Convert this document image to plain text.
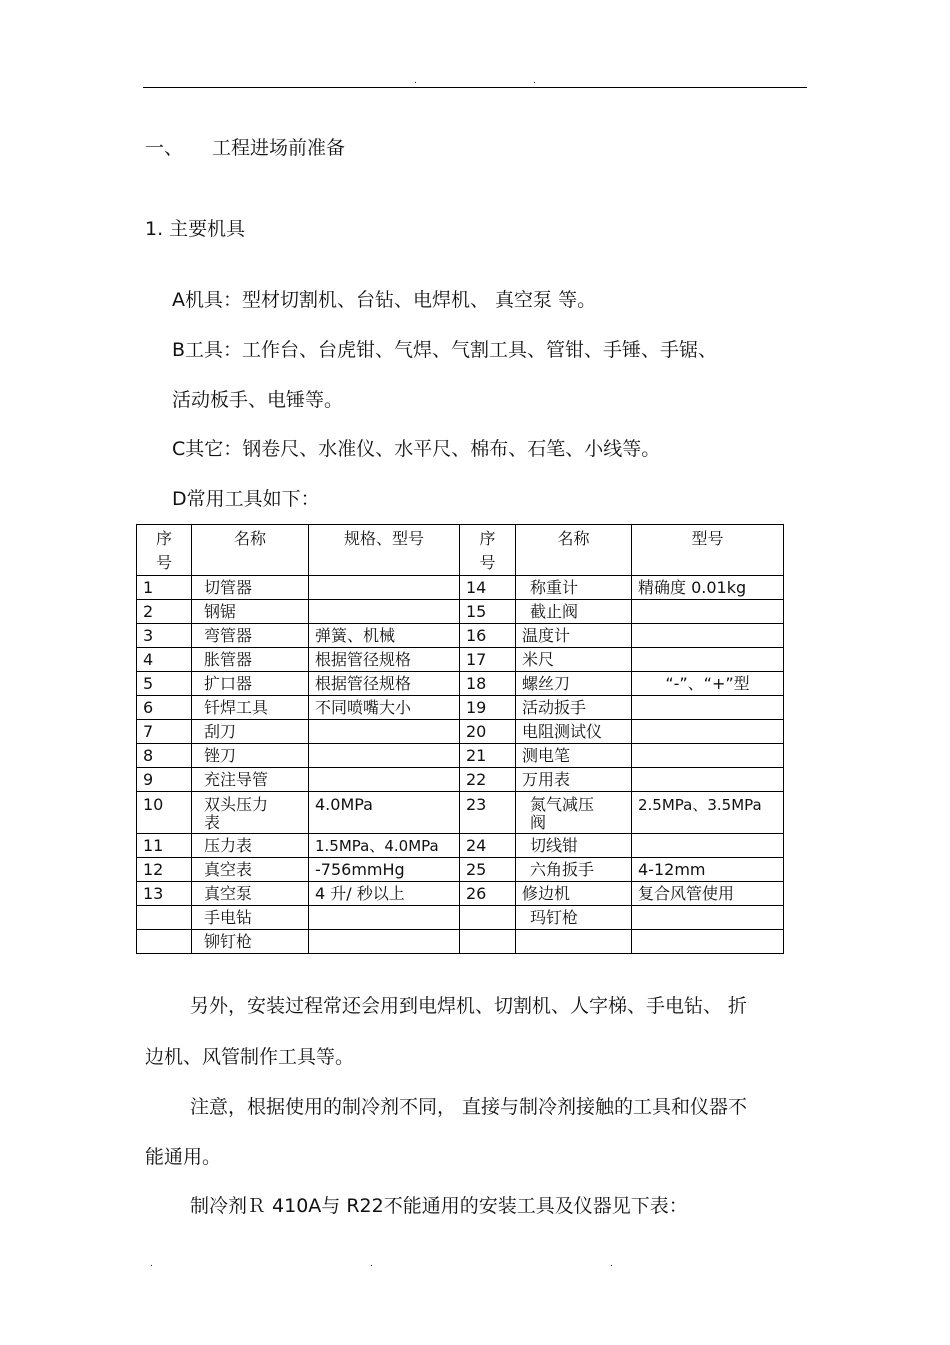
.	.
一、 工程进场前准备
1. 主要机具
A机具：型材切割机、台钻、电焊机、 真空泵 等。
B工具：工作台、台虎钳、气焊、气割工具、管钳、手锤、手锯、
活动板手、电锤等。
C其它：钢卷尺、水准仪、水平尺、棉布、石笔、小线等。
D常用工具如下：
序号	名称	规格、型号	序号	名称	型号
1	切管器		14	称重计	精确度 0.01kg
2	钢锯		15	截止阀	
3	弯管器	弹簧、机械	16	温度计	
4	胀管器	根据管径规格	17	米尺	
5	扩口器	根据管径规格	18	螺丝刀	“-”、“+”型
6	钎焊工具	不同喷嘴大小	19	活动扳手	
7	刮刀		20	电阻测试仪	
8	锉刀		21	测电笔	
9	充注导管		22	万用表	
10	双头压力表	4.0MPa	23	氮气减压阀	2.5MPa、3.5MPa
11	压力表	1.5MPa、4.0MPa	24	切线钳	
12	真空表	-756mmHg	25	六角扳手	4-12mm
13	真空泵	4 升/ 秒以上	26	修边机	复合风管使用
	手电钻			玛钉枪	
	铆钉枪				
另外，安装过程常还会用到电焊机、切割机、人字梯、手电钻、 折
边机、风管制作工具等。
注意，根据使用的制冷剂不同， 直接与制冷剂接触的工具和仪器不
能通用。
制冷剂Ｒ 410A与 R22不能通用的安装工具及仪器见下表：
.	.	.
